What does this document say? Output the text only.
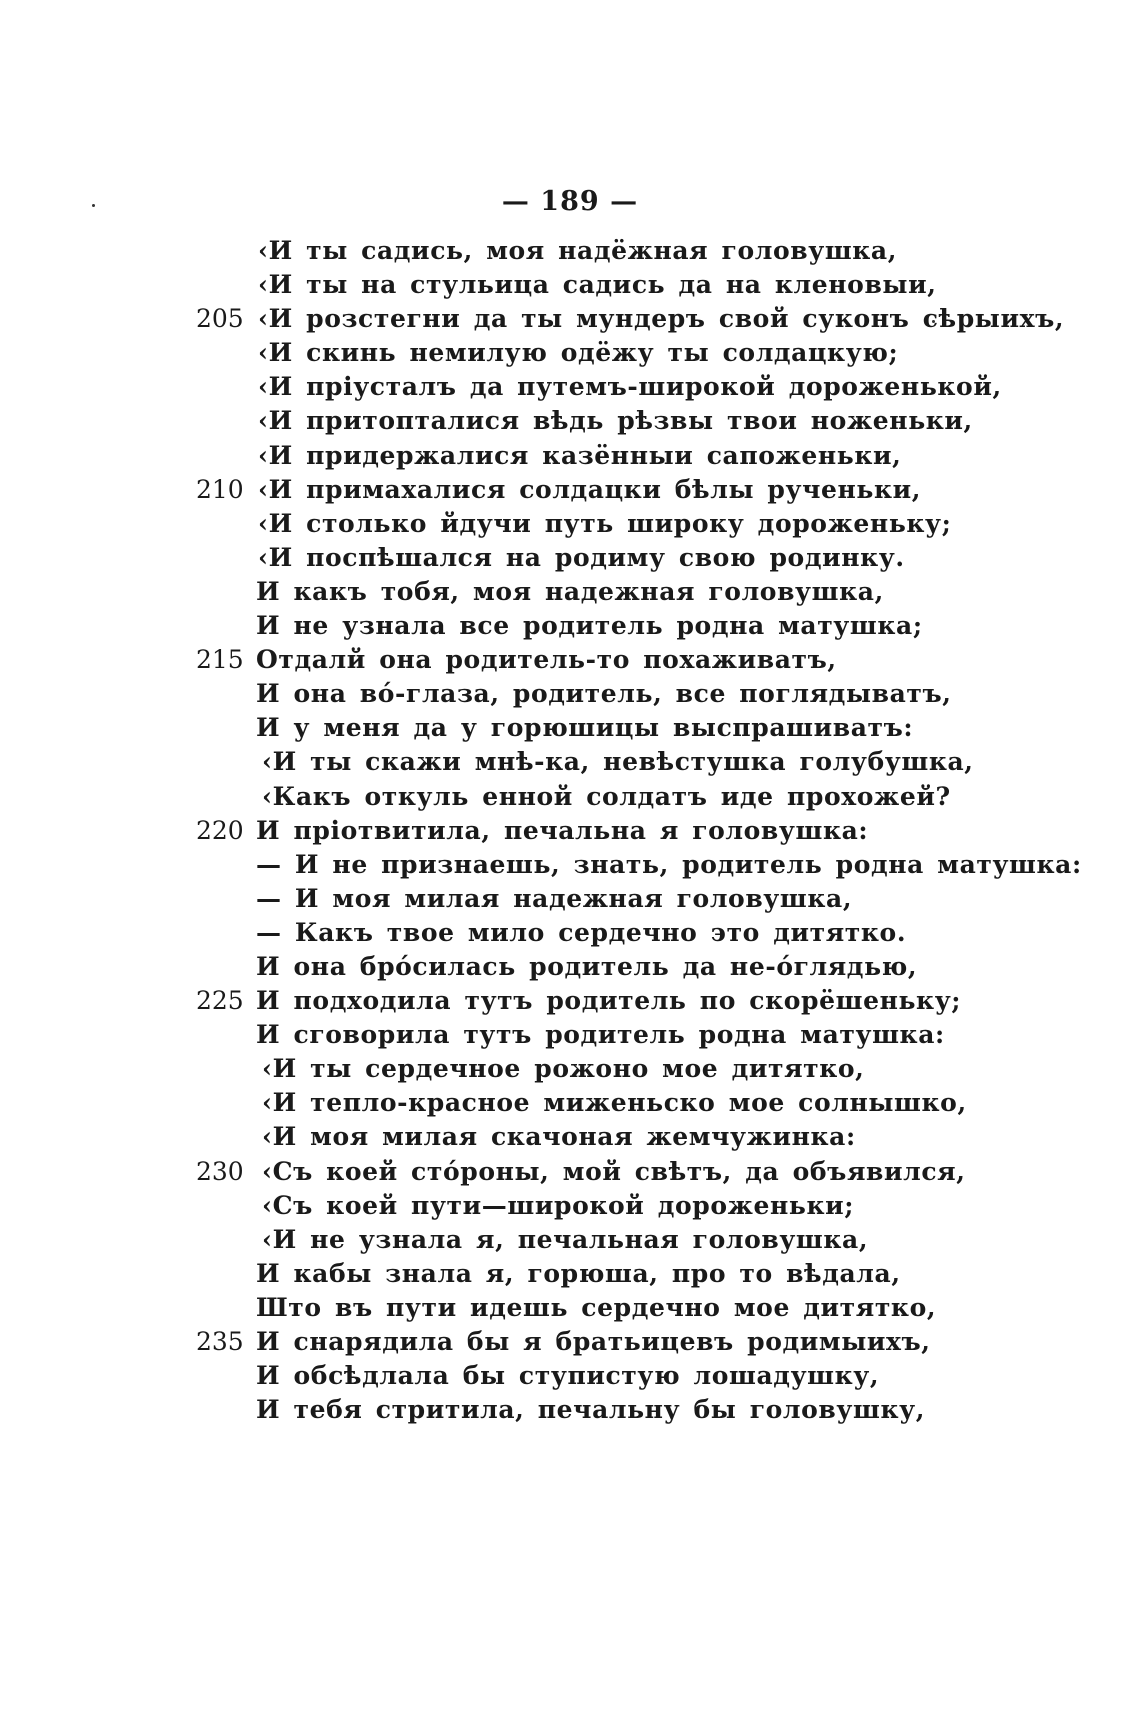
— 189 —
‹И ты садись, моя надёжная головушка,
‹И ты на стульица садись да на кленовыи,
205 ‹И розстегни да ты мундеръ свой суконъ сѣрыихъ,
‹И скинь немилую одёжу ты солдацкую;
‹И пріусталъ да путемъ-широкой дороженькой,
‹И притопталися вѣдь рѣзвы твои ноженьки,
‹И придержалися казённыи сапоженьки,
210 ‹И примахалися солдацки бѣлы рученьки,
‹И столько йдучи путь широку дороженьку;
‹И поспѣшался на родиму свою родинку.
И какъ тобя, моя надежная головушка,
И не узнала все родитель родна матушка;
215 Отдалй она родитель-то похаживатъ,
И она вó-глаза, родитель, все поглядыватъ,
И у меня да у горюшицы выспрашиватъ:
‹И ты скажи мнѣ-ка, невѣстушка голубушка,
‹Какъ откуль енной солдатъ иде прохожей?
220 И пріотвитила, печальна я головушка:
— И не признаешь, знать, родитель родна матушка:
— И моя милая надежная головушка,
— Какъ твое мило сердечно это дитятко.
И она брóсилась родитель да не-óглядью,
225 И подходила тутъ родитель по скорёшеньку;
И сговорила тутъ родитель родна матушка:
‹И ты сердечное рожоно мое дитятко,
‹И тепло-красное миженьско мое солнышко,
‹И моя милая скачоная жемчужинка:
230 ‹Съ коей стóроны, мой свѣтъ, да объявился,
‹Съ коей пути—широкой дороженьки;
‹И не узнала я, печальная головушка,
И кабы знала я, горюша, про то вѣдала,
Што въ пути идешь сердечно мое дитятко,
235 И снарядила бы я братьицевъ родимыихъ,
И обсѣдлала бы ступистую лошадушку,
И тебя стритила, печальну бы головушку,
